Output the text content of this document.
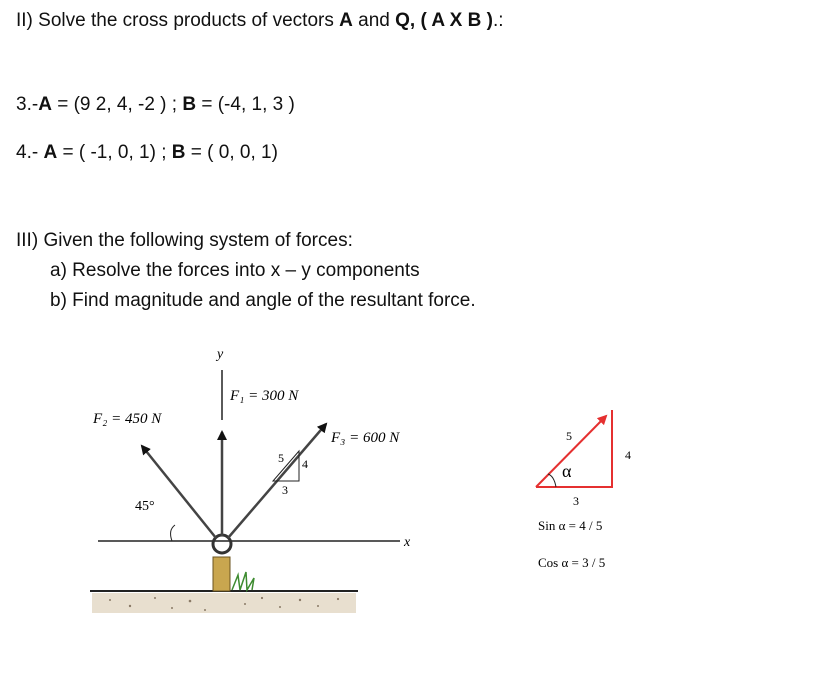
II) Solve the cross products of vectors A and Q, ( A X B ).:
3.-A = (9 2, 4, -2 ) ; B = (-4, 1, 3 )
4.- A = ( -1, 0, 1) ; B = ( 0, 0, 1)
III) Given the following system of forces:
a) Resolve the forces into x – y components
b) Find magnitude and angle of the resultant force.
x
y
F₁ = 300 N
F₂ = 450 N
F₃ = 600 N
45°
5 4
3
5
4
3
α
Sin α = 4 / 5
Cos α = 3 / 5
